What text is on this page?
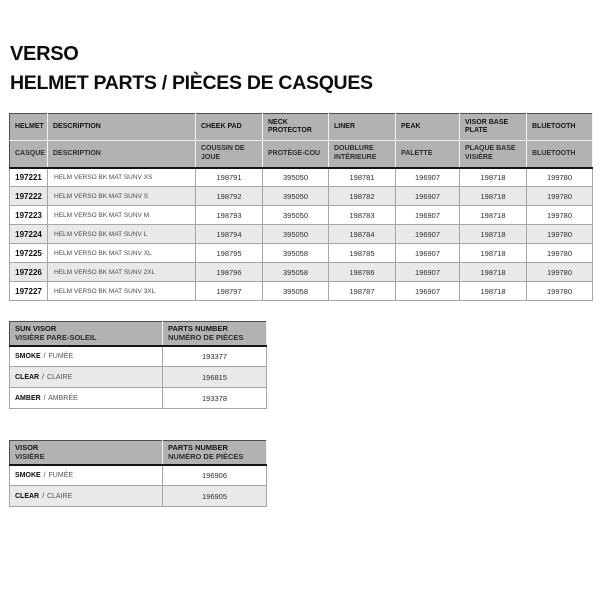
VERSO
HELMET PARTS / PIÈCES DE CASQUES
HELMET	DESCRIPTION	CHEEK PAD	NECK PROTECTOR	LINER	PEAK	VISOR BASE PLATE	BLUETOOTH
CASQUE	DESCRIPTION	COUSSIN DE JOUE	PROTÈGE-COU	DOUBLURE INTÉRIEURE	PALETTE	PLAQUE BASE VISIÈRE	BLUETOOTH
197221	HELM VERSO BK MAT SUNV XS	198791	395050	198781	196907	198718	199780
197222	HELM VERSO BK MAT SUNV S	198792	395050	198782	196907	198718	199780
197223	HELM VERSO BK MAT SUNV M	198793	395050	198783	196907	198718	199780
197224	HELM VERSO BK MAT SUNV L	198794	395050	198784	196907	198718	199780
197225	HELM VERSO BK MAT SUNV XL	198795	395058	198785	196907	198718	199780
197226	HELM VERSO BK MAT SUNV 2XL	198796	395058	198786	196907	198718	199780
197227	HELM VERSO BK MAT SUNV 3XL	198797	395058	198787	196907	198718	199780
SUN VISOR
VISIÈRE PARE-SOLEIL

PARTS NUMBER
NUMÉRO DE PIÈCES

SMOKE / FUMÉE	193377
CLEAR / CLAIRE	196815
AMBER / AMBRÉE	193378
VISOR
VISIÈRE

PARTS NUMBER
NUMÉRO DE PIÈCES

SMOKE / FUMÉE	196906
CLEAR / CLAIRE	196905
